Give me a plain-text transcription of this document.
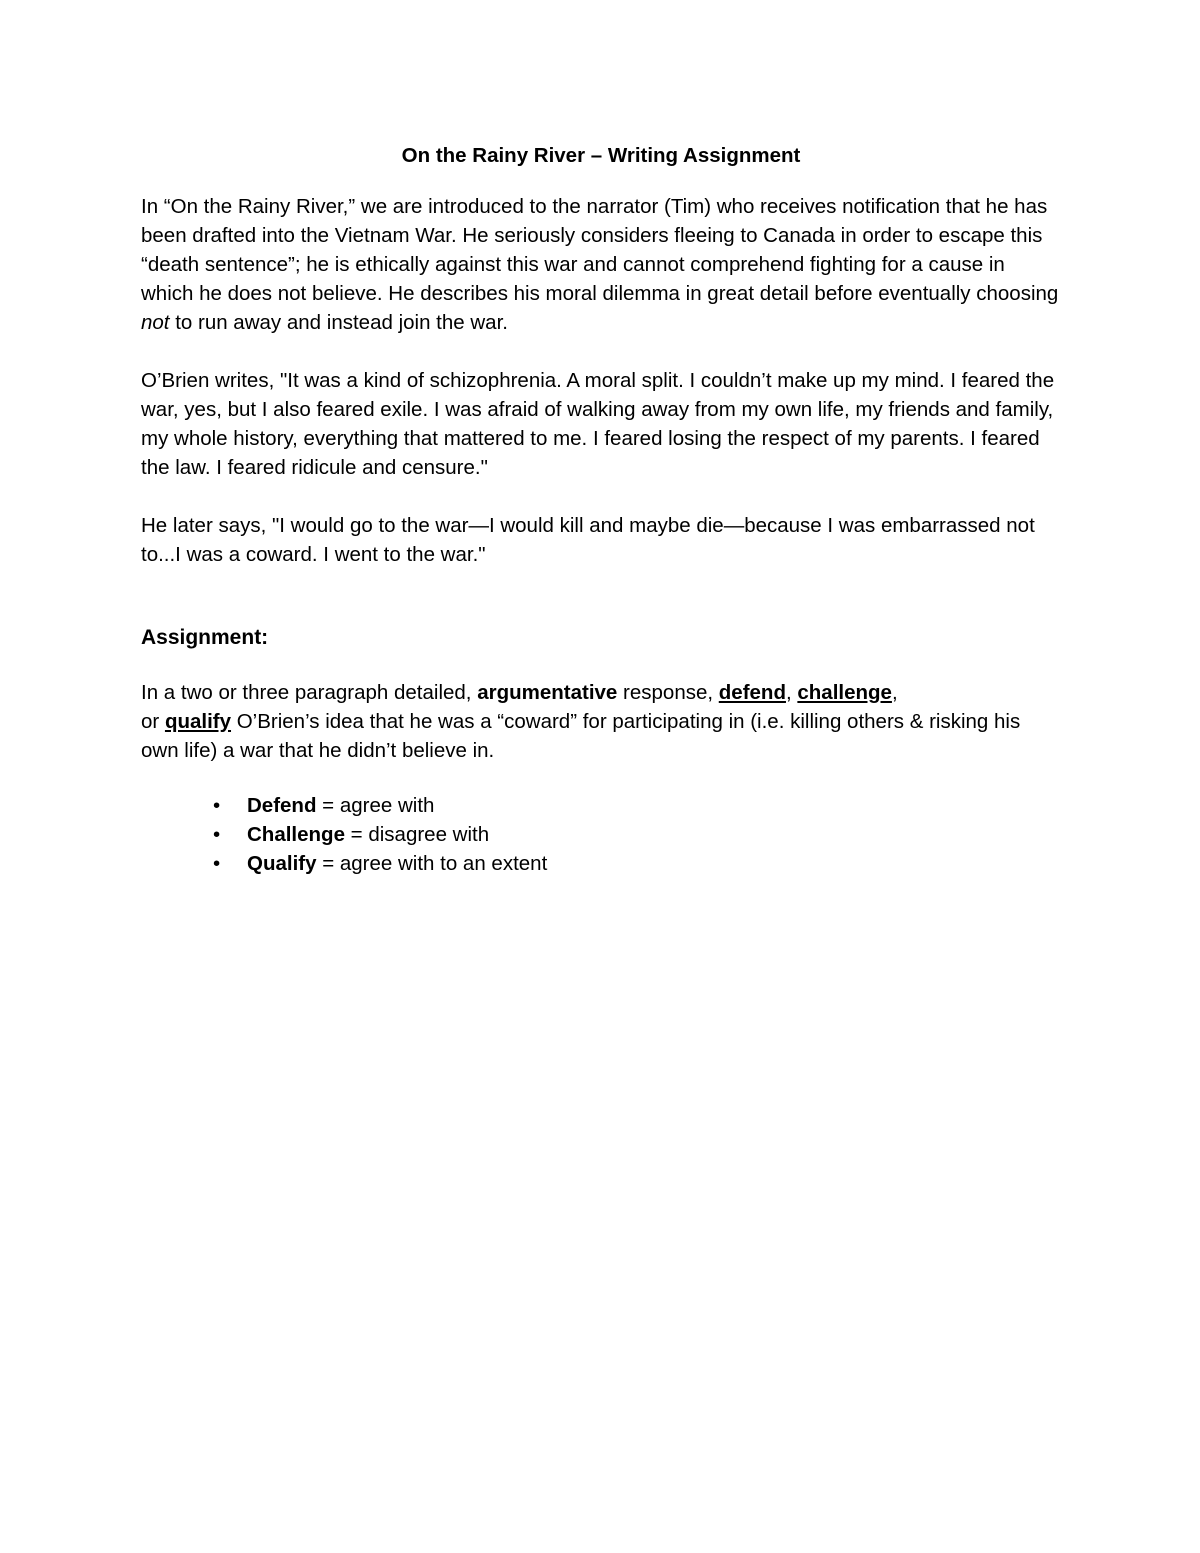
On the Rainy River – Writing Assignment

In “On the Rainy River,” we are introduced to the narrator (Tim) who receives notification that he has been drafted into the Vietnam War. He seriously considers fleeing to Canada in order to escape this “death sentence”; he is ethically against this war and cannot comprehend fighting for a cause in which he does not believe. He describes his moral dilemma in great detail before eventually choosing not to run away and instead join the war.

O’Brien writes, "It was a kind of schizophrenia. A moral split. I couldn’t make up my mind. I feared the war, yes, but I also feared exile. I was afraid of walking away from my own life, my friends and family, my whole history, everything that mattered to me. I feared losing the respect of my parents. I feared the law. I feared ridicule and censure."

He later says, "I would go to the war—I would kill and maybe die—because I was embarrassed not to...I was a coward. I went to the war."

Assignment:

In a two or three paragraph detailed, argumentative response, defend, challenge,
or qualify O’Brien’s idea that he was a “coward” for participating in (i.e. killing others & risking his own life) a war that he didn’t believe in.

• Defend = agree with
• Challenge = disagree with
• Qualify = agree with to an extent
